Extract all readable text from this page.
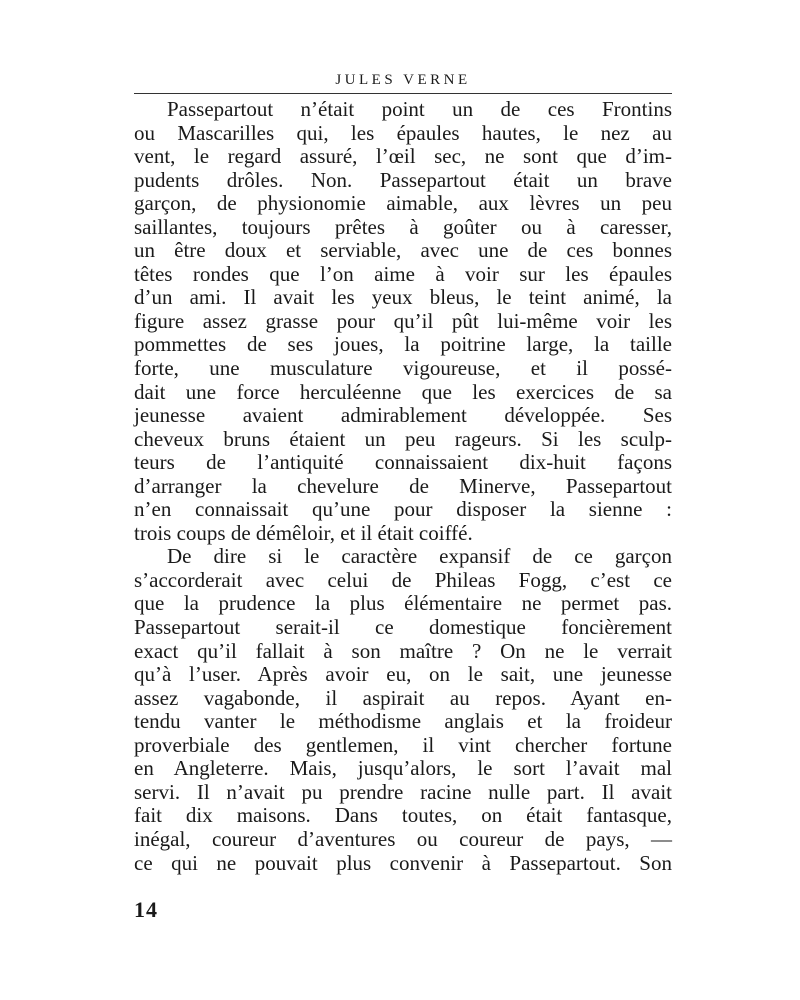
JULES VERNE
Passepartout n’était point un de ces Frontins
ou Mascarilles qui, les épaules hautes, le nez au
vent, le regard assuré, l’œil sec, ne sont que d’im-
pudents drôles. Non. Passepartout était un brave
garçon, de physionomie aimable, aux lèvres un peu
saillantes, toujours prêtes à goûter ou à caresser,
un être doux et serviable, avec une de ces bonnes
têtes rondes que l’on aime à voir sur les épaules
d’un ami. Il avait les yeux bleus, le teint animé, la
figure assez grasse pour qu’il pût lui-même voir les
pommettes de ses joues, la poitrine large, la taille
forte, une musculature vigoureuse, et il possé-
dait une force herculéenne que les exercices de sa
jeunesse avaient admirablement développée. Ses
cheveux bruns étaient un peu rageurs. Si les sculp-
teurs de l’antiquité connaissaient dix-huit façons
d’arranger la chevelure de Minerve, Passepartout
n’en connaissait qu’une pour disposer la sienne :
trois coups de démêloir, et il était coiffé.
De dire si le caractère expansif de ce garçon
s’accorderait avec celui de Phileas Fogg, c’est ce
que la prudence la plus élémentaire ne permet pas.
Passepartout serait-il ce domestique foncièrement
exact qu’il fallait à son maître ? On ne le verrait
qu’à l’user. Après avoir eu, on le sait, une jeunesse
assez vagabonde, il aspirait au repos. Ayant en-
tendu vanter le méthodisme anglais et la froideur
proverbiale des gentlemen, il vint chercher fortune
en Angleterre. Mais, jusqu’alors, le sort l’avait mal
servi. Il n’avait pu prendre racine nulle part. Il avait
fait dix maisons. Dans toutes, on était fantasque,
inégal, coureur d’aventures ou coureur de pays, —
ce qui ne pouvait plus convenir à Passepartout. Son
14
